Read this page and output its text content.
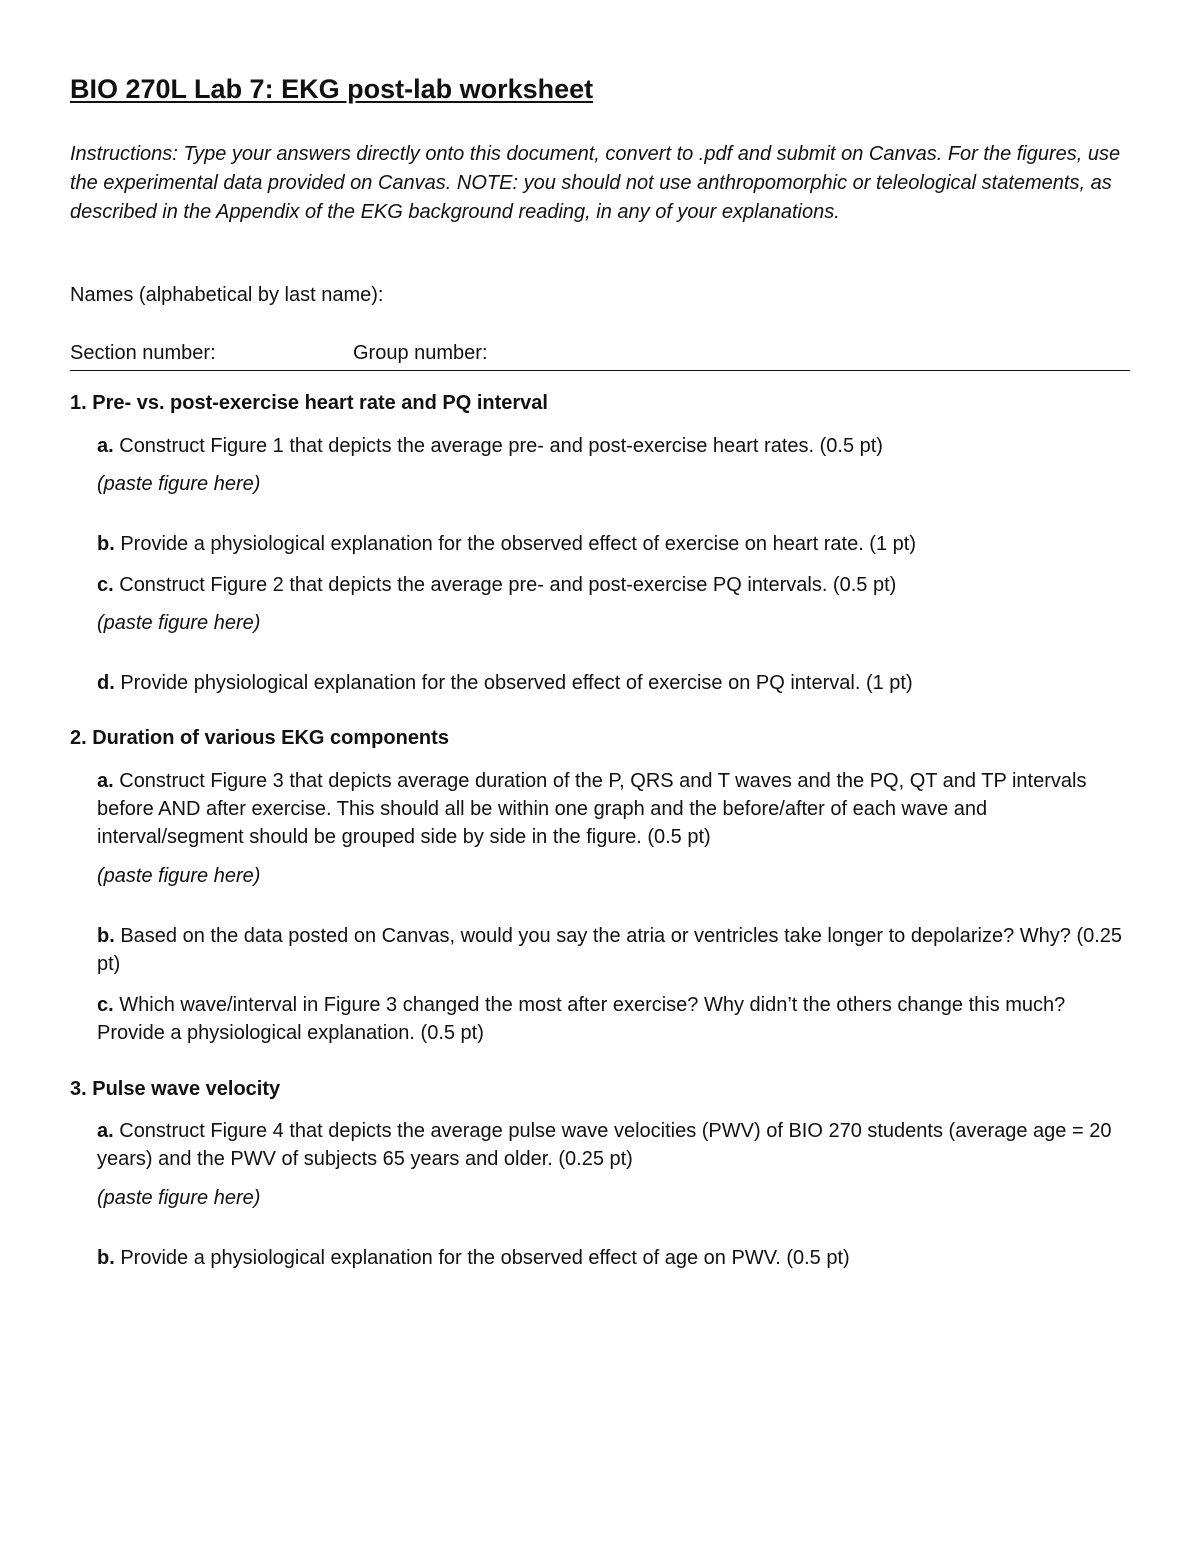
BIO 270L Lab 7: EKG post-lab worksheet
Instructions: Type your answers directly onto this document, convert to .pdf and submit on Canvas. For the figures, use the experimental data provided on Canvas. NOTE: you should not use anthropomorphic or teleological statements, as described in the Appendix of the EKG background reading, in any of your explanations.
Names (alphabetical by last name):
Section number:	Group number:
1. Pre- vs. post-exercise heart rate and PQ interval
a. Construct Figure 1 that depicts the average pre- and post-exercise heart rates. (0.5 pt)
(paste figure here)
b. Provide a physiological explanation for the observed effect of exercise on heart rate. (1 pt)
c. Construct Figure 2 that depicts the average pre- and post-exercise PQ intervals. (0.5 pt)
(paste figure here)
d. Provide physiological explanation for the observed effect of exercise on PQ interval. (1 pt)
2. Duration of various EKG components
a. Construct Figure 3 that depicts average duration of the P, QRS and T waves and the PQ, QT and TP intervals before AND after exercise. This should all be within one graph and the before/after of each wave and interval/segment should be grouped side by side in the figure. (0.5 pt)
(paste figure here)
b. Based on the data posted on Canvas, would you say the atria or ventricles take longer to depolarize? Why? (0.25 pt)
c. Which wave/interval in Figure 3 changed the most after exercise? Why didn’t the others change this much? Provide a physiological explanation. (0.5 pt)
3. Pulse wave velocity
a. Construct Figure 4 that depicts the average pulse wave velocities (PWV) of BIO 270 students (average age = 20 years) and the PWV of subjects 65 years and older. (0.25 pt)
(paste figure here)
b. Provide a physiological explanation for the observed effect of age on PWV. (0.5 pt)
